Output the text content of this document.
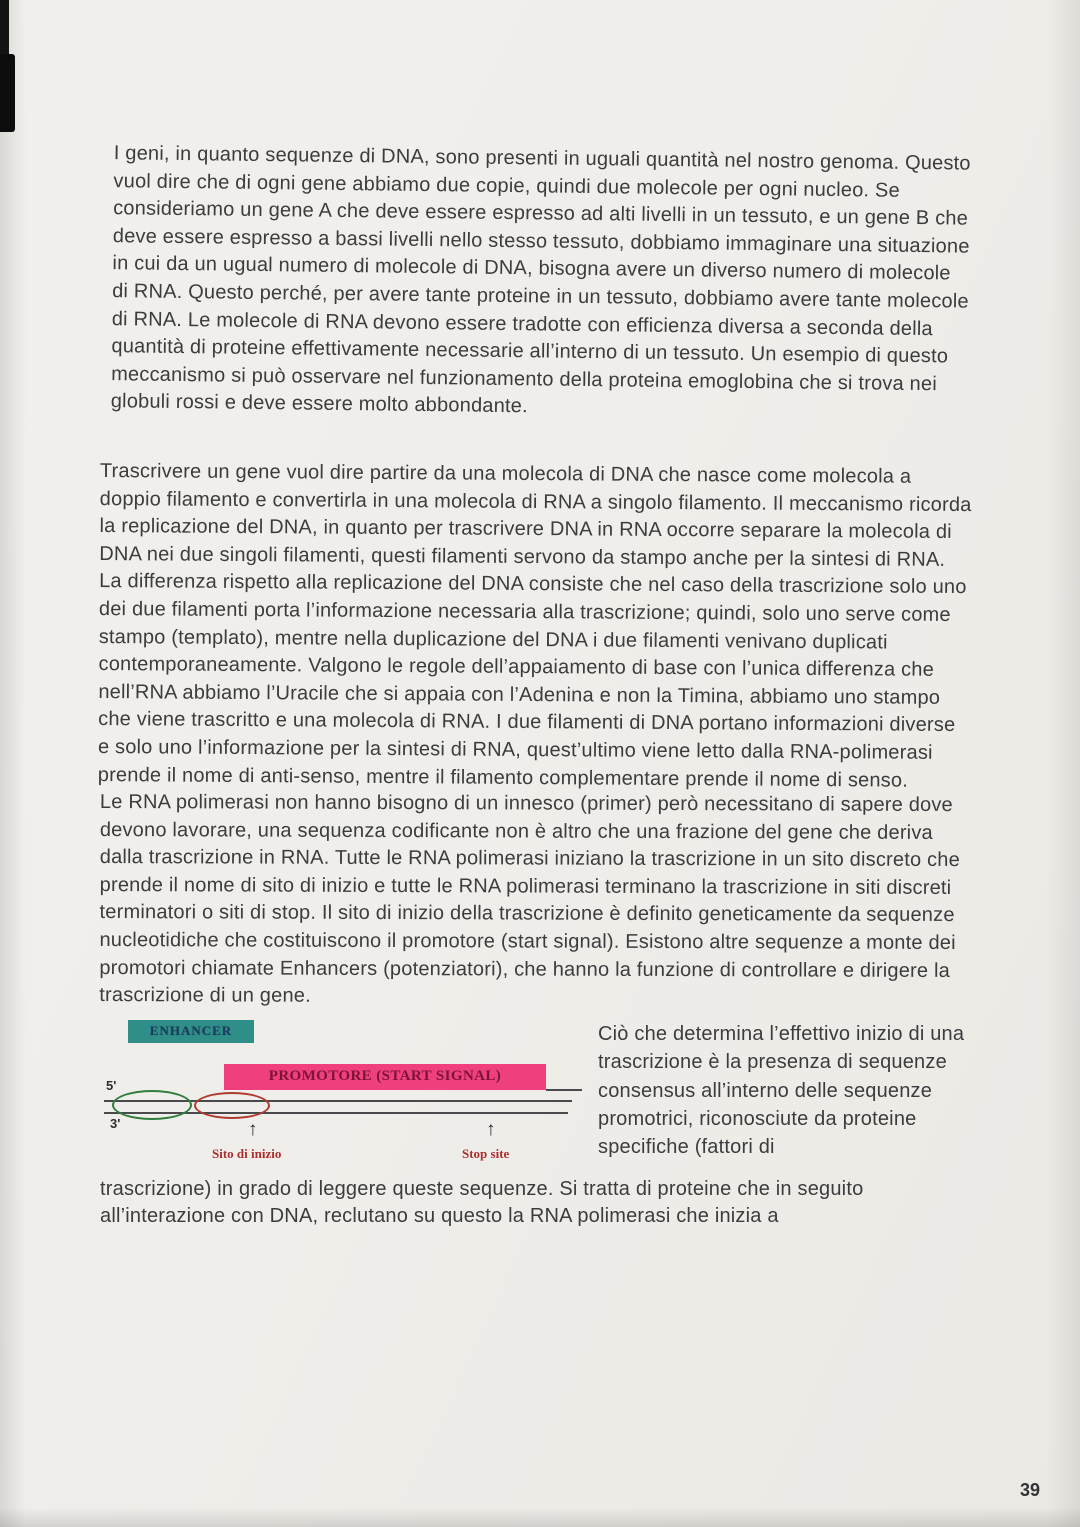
I geni, in quanto sequenze di DNA, sono presenti in uguali quantità nel nostro genoma. Questo vuol dire che di ogni gene abbiamo due copie, quindi due molecole per ogni nucleo. Se consideriamo un gene A che deve essere espresso ad alti livelli in un tessuto, e un gene B che deve essere espresso a bassi livelli nello stesso tessuto, dobbiamo immaginare una situazione in cui da un ugual numero di molecole di DNA, bisogna avere un diverso numero di molecole di RNA. Questo perché, per avere tante proteine in un tessuto, dobbiamo avere tante molecole di RNA. Le molecole di RNA devono essere tradotte con efficienza diversa a seconda della quantità di proteine effettivamente necessarie all’interno di un tessuto. Un esempio di questo meccanismo si può osservare nel funzionamento della proteina emoglobina che si trova nei globuli rossi e deve essere molto abbondante.

Trascrivere un gene vuol dire partire da una molecola di DNA che nasce come molecola a doppio filamento e convertirla in una molecola di RNA a singolo filamento. Il meccanismo ricorda la replicazione del DNA, in quanto per trascrivere DNA in RNA occorre separare la molecola di DNA nei due singoli filamenti, questi filamenti servono da stampo anche per la sintesi di RNA. La differenza rispetto alla replicazione del DNA consiste che nel caso della trascrizione solo uno dei due filamenti porta l’informazione necessaria alla trascrizione; quindi, solo uno serve come stampo (templato), mentre nella duplicazione del DNA i due filamenti venivano duplicati contemporaneamente. Valgono le regole dell’appaiamento di base con l’unica differenza che nell’RNA abbiamo l’Uracile che si appaia con l’Adenina e non la Timina, abbiamo uno stampo che viene trascritto e una molecola di RNA. I due filamenti di DNA portano informazioni diverse e solo uno l’informazione per la sintesi di RNA, quest’ultimo viene letto dalla RNA-polimerasi prende il nome di anti-senso, mentre il filamento complementare prende il nome di senso.

Le RNA polimerasi non hanno bisogno di un innesco (primer) però necessitano di sapere dove devono lavorare, una sequenza codificante non è altro che una frazione del gene che deriva dalla trascrizione in RNA. Tutte le RNA polimerasi iniziano la trascrizione in un sito discreto che prende il nome di sito di inizio e tutte le RNA polimerasi terminano la trascrizione in siti discreti terminatori o siti di stop. Il sito di inizio della trascrizione è definito geneticamente da sequenze nucleotidiche che costituiscono il promotore (start signal). Esistono altre sequenze a monte dei promotori chiamate Enhancers (potenziatori), che hanno la funzione di controllare e dirigere la trascrizione di un gene.

ENHANCER
PROMOTORE (START SIGNAL)
5'
3'	↑	↑
Sito di inizio	Stop site
Ciò che determina l’effettivo inizio di una trascrizione è la presenza di sequenze consensus all’interno delle sequenze promotrici, riconosciute da proteine specifiche (fattori di

trascrizione) in grado di leggere queste sequenze. Si tratta di proteine che in seguito all’interazione con DNA, reclutano su questo la RNA polimerasi che inizia a

39
